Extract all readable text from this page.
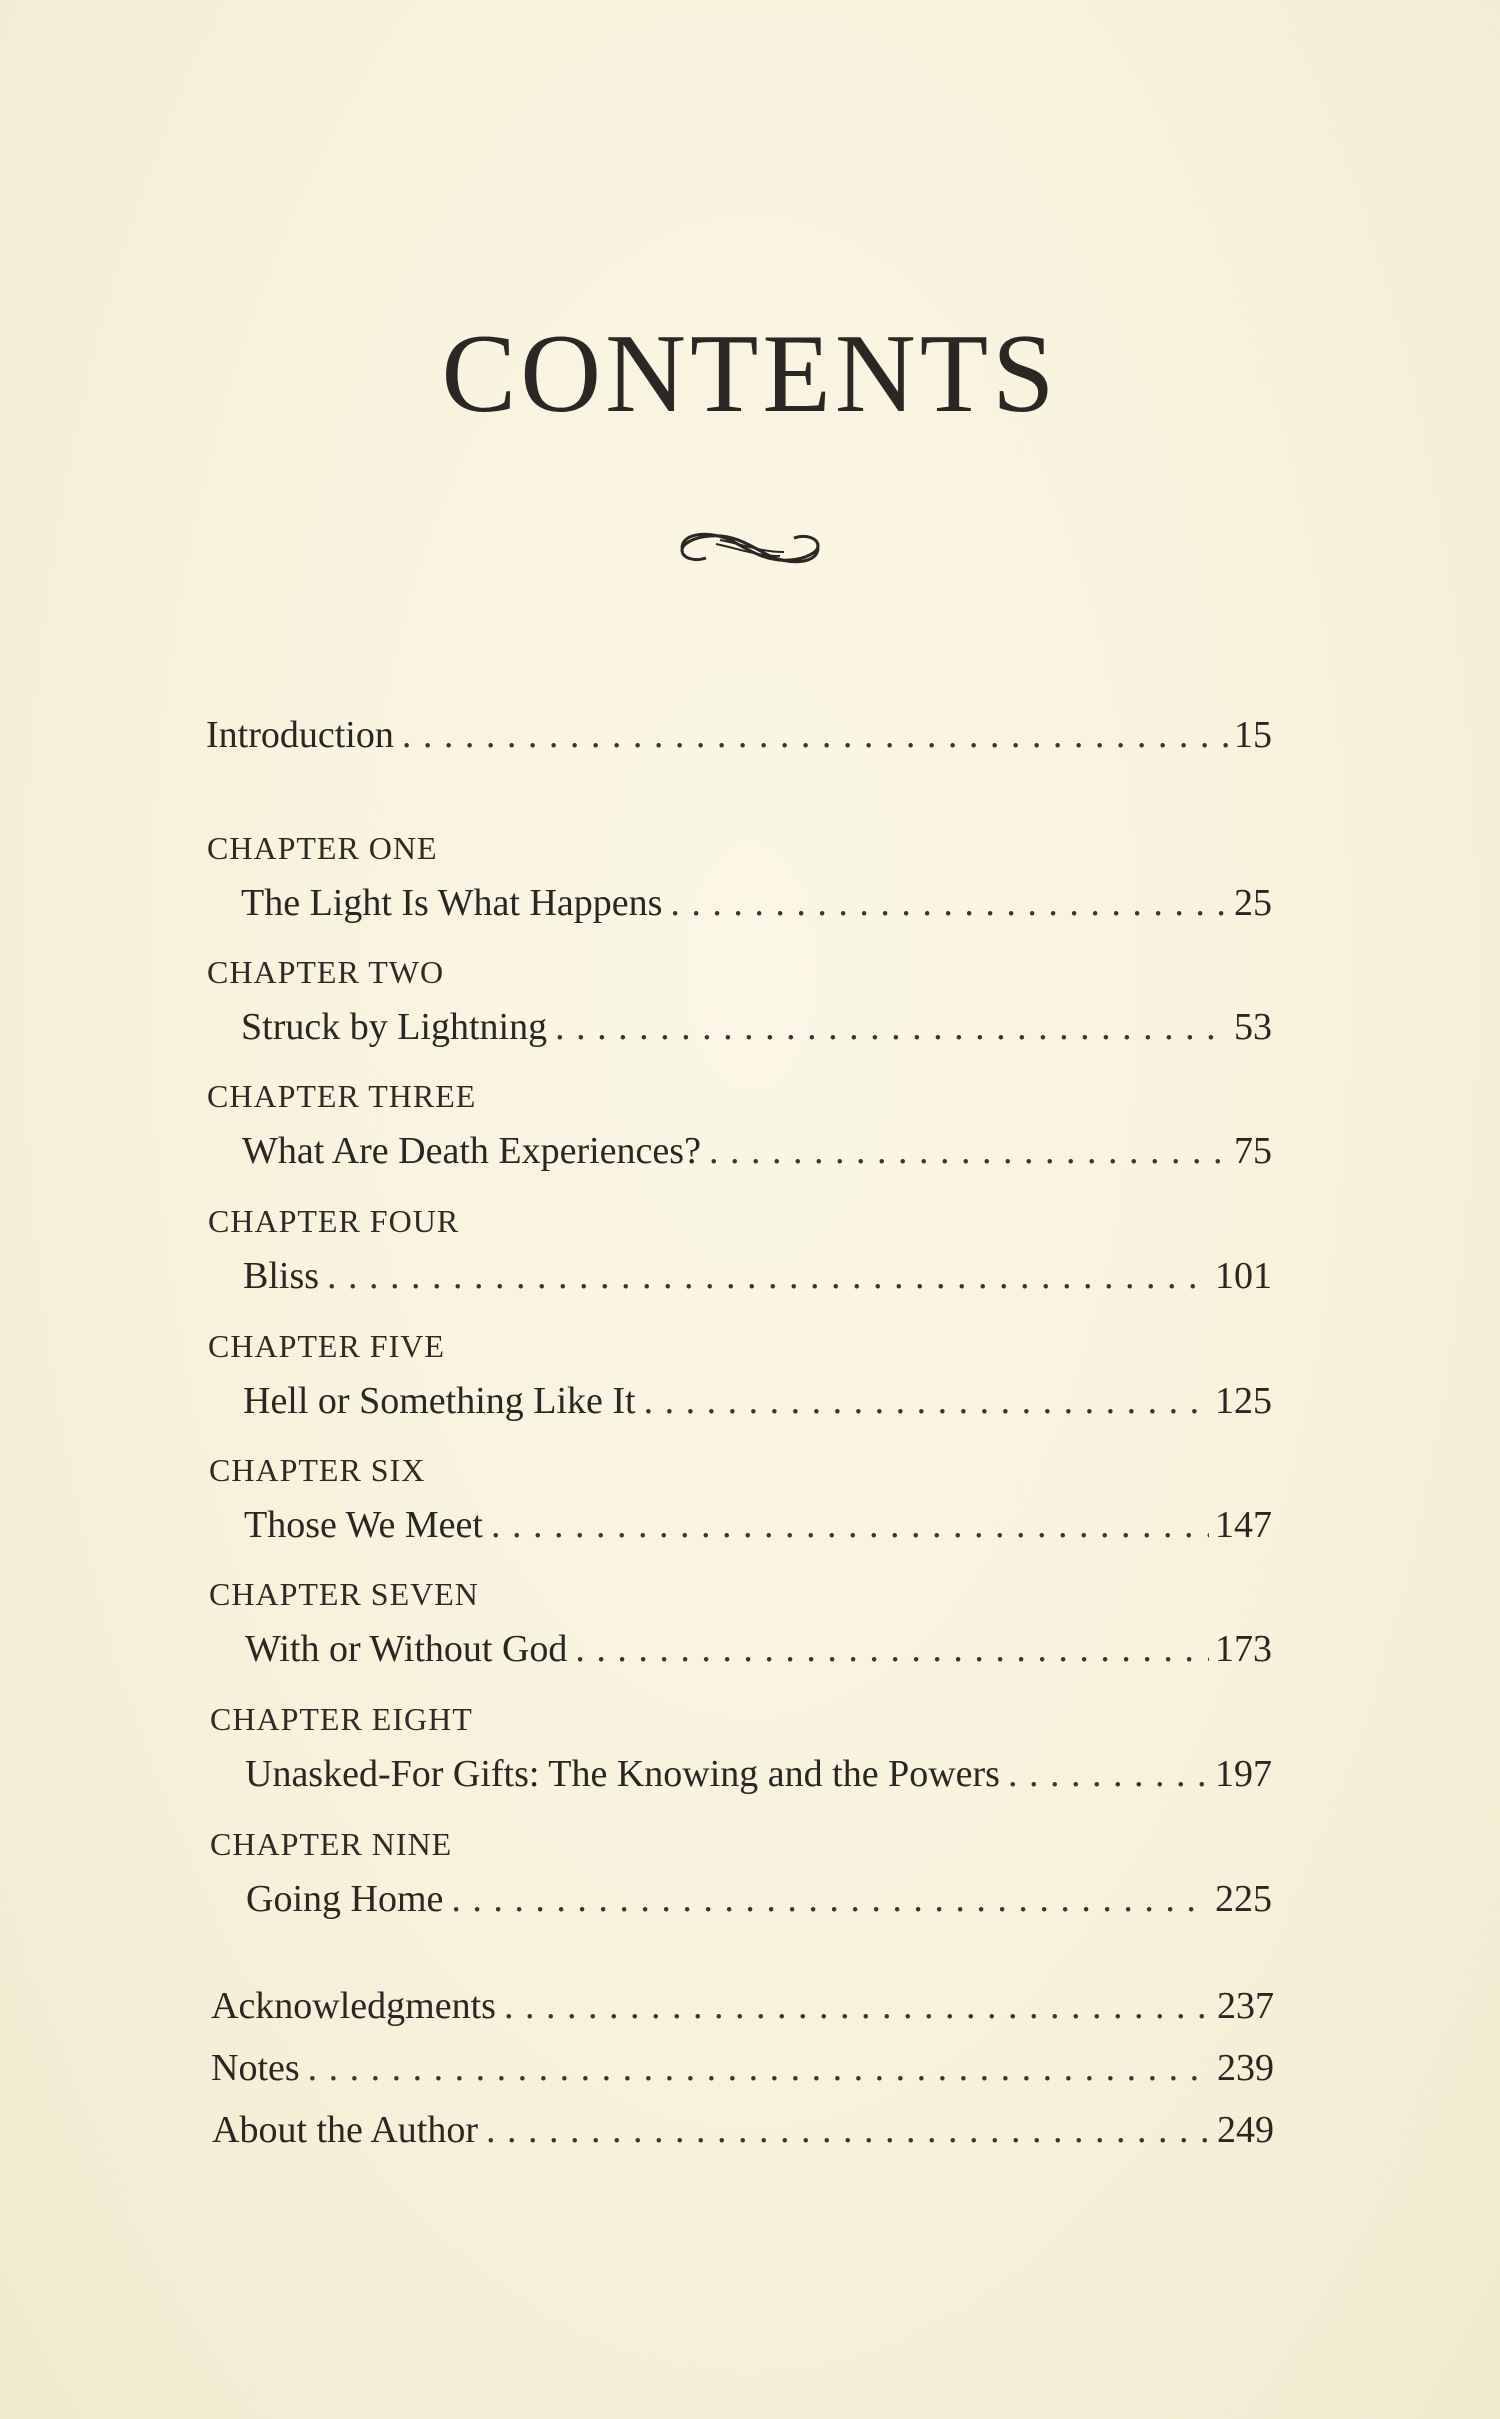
CONTENTS
Introduction . . .	15
CHAPTER ONE
The Light Is What Happens . . .	25
CHAPTER TWO
Struck by Lightning . . .	53
CHAPTER THREE
What Are Death Experiences? . . .	75
CHAPTER FOUR
Bliss . . .	101
CHAPTER FIVE
Hell or Something Like It . . .	125
CHAPTER SIX
Those We Meet . . .	147
CHAPTER SEVEN
With or Without God . . .	173
CHAPTER EIGHT
Unasked-For Gifts: The Knowing and the Powers . . .	197
CHAPTER NINE
Going Home . . .	225
Acknowledgments . . .	237
Notes . . .	239
About the Author . . .	249
